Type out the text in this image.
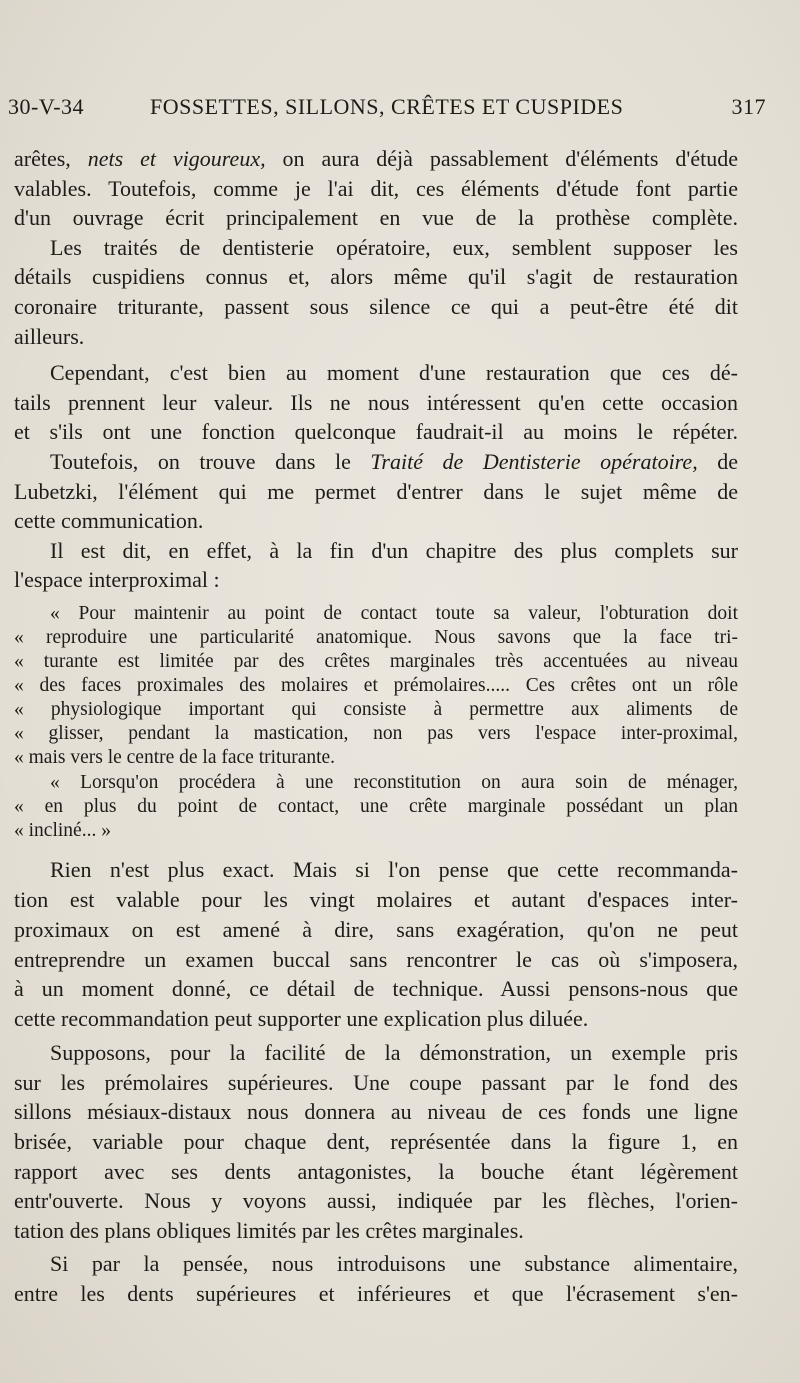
30-V-34	FOSSETTES, SILLONS, CRÊTES ET CUSPIDES	317
arêtes, nets et vigoureux, on aura déjà passablement d'éléments d'étude
valables. Toutefois, comme je l'ai dit, ces éléments d'étude font partie
d'un ouvrage écrit principalement en vue de la prothèse complète.
Les traités de dentisterie opératoire, eux, semblent supposer les
détails cuspidiens connus et, alors même qu'il s'agit de restauration
coronaire triturante, passent sous silence ce qui a peut-être été dit
ailleurs.
Cependant, c'est bien au moment d'une restauration que ces dé-
tails prennent leur valeur. Ils ne nous intéressent qu'en cette occasion
et s'ils ont une fonction quelconque faudrait-il au moins le répéter.
Toutefois, on trouve dans le Traité de Dentisterie opératoire, de
Lubetzki, l'élément qui me permet d'entrer dans le sujet même de
cette communication.
Il est dit, en effet, à la fin d'un chapitre des plus complets sur
l'espace interproximal :
« Pour maintenir au point de contact toute sa valeur, l'obturation doit
« reproduire une particularité anatomique. Nous savons que la face tri-
« turante est limitée par des crêtes marginales très accentuées au niveau
« des faces proximales des molaires et prémolaires..... Ces crêtes ont un rôle
« physiologique important qui consiste à permettre aux aliments de
« glisser, pendant la mastication, non pas vers l'espace inter-proximal,
« mais vers le centre de la face triturante.
« Lorsqu'on procédera à une reconstitution on aura soin de ménager,
« en plus du point de contact, une crête marginale possédant un plan
« incliné... »
Rien n'est plus exact. Mais si l'on pense que cette recommanda-
tion est valable pour les vingt molaires et autant d'espaces inter-
proximaux on est amené à dire, sans exagération, qu'on ne peut
entreprendre un examen buccal sans rencontrer le cas où s'imposera,
à un moment donné, ce détail de technique. Aussi pensons-nous que
cette recommandation peut supporter une explication plus diluée.
Supposons, pour la facilité de la démonstration, un exemple pris
sur les prémolaires supérieures. Une coupe passant par le fond des
sillons mésiaux-distaux nous donnera au niveau de ces fonds une ligne
brisée, variable pour chaque dent, représentée dans la figure 1, en
rapport avec ses dents antagonistes, la bouche étant légèrement
entr'ouverte. Nous y voyons aussi, indiquée par les flèches, l'orien-
tation des plans obliques limités par les crêtes marginales.
Si par la pensée, nous introduisons une substance alimentaire,
entre les dents supérieures et inférieures et que l'écrasement s'en-
